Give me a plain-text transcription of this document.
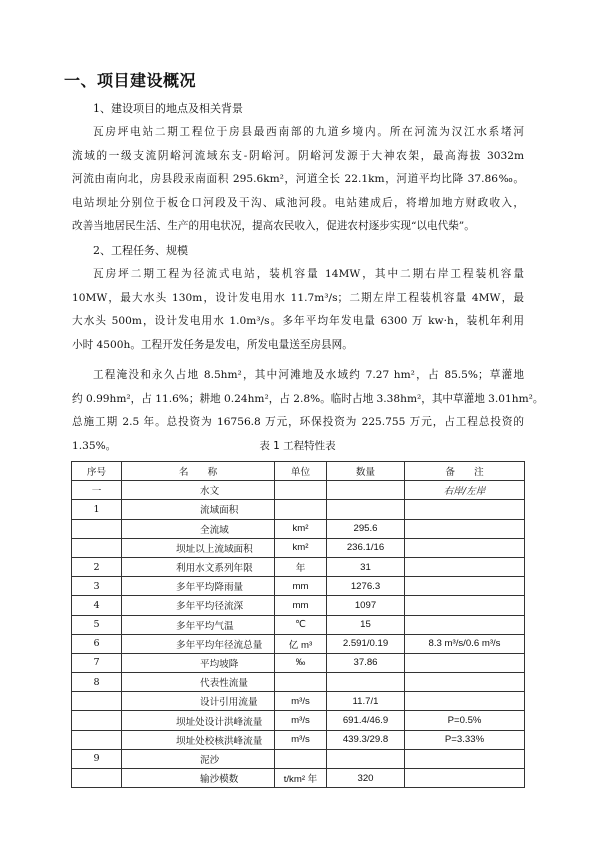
一、项目建设概况
1、建设项目的地点及相关背景
瓦房坪电站二期工程位于房县最西南部的九道乡境内。所在河流为汉江水系堵河
流域的一级支流阴峪河流域东支-阴峪河。阴峪河发源于大神农架，最高海拔 3032m
河流由南向北，房县段汞南面积 295.6km²，河道全长 22.1km，河道平均比降 37.86‰。
电站坝址分别位于板仓口河段及干沟、咸池河段。电站建成后，将增加地方财政收入，
改善当地居民生活、生产的用电状况，提高农民收入，促进农村逐步实现“以电代柴”。
2、工程任务、规模
瓦房坪二期工程为径流式电站，装机容量 14MW，其中二期右岸工程装机容量
10MW，最大水头 130m，设计发电用水 11.7m³/s；二期左岸工程装机容量 4MW，最
大水头 500m，设计发电用水 1.0m³/s。多年平均年发电量 6300 万 kw·h，装机年利用
小时 4500h。工程开发任务是发电，所发电量送至房县网。
工程淹没和永久占地 8.5hm²，其中河滩地及水域约 7.27 hm²，占 85.5%；草灌地
约 0.99hm²，占 11.6%；耕地 0.24hm²，占 2.8%。临时占地 3.38hm²，其中草灌地 3.01hm²。
总施工期 2.5 年。总投资为 16756.8 万元，环保投资为 225.755 万元，占工程总投资的
1.35%。	表 1 工程特性表
序号	名　　称	单位	数量	备　　注
一	水文			右岸/左岸
1	流域面积			
	全流域	km²	295.6	
	坝址以上流域面积	km²	236.1/16	
2	利用水文系列年限	年	31	
3	多年平均降雨量	mm	1276.3	
4	多年平均径流深	mm	1097	
5	多年平均气温	℃	15	
6	多年平均年径流总量	亿 m³	2.591/0.19	8.3 m³/s/0.6 m³/s
7	平均坡降	‰	37.86	
8	代表性流量			
	设计引用流量	m³/s	11.7/1	
	坝址处设计洪峰流量	m³/s	691.4/46.9	P=0.5%
	坝址处校核洪峰流量	m³/s	439.3/29.8	P=3.33%
9	泥沙			
	输沙模数	t/km² 年	320	
